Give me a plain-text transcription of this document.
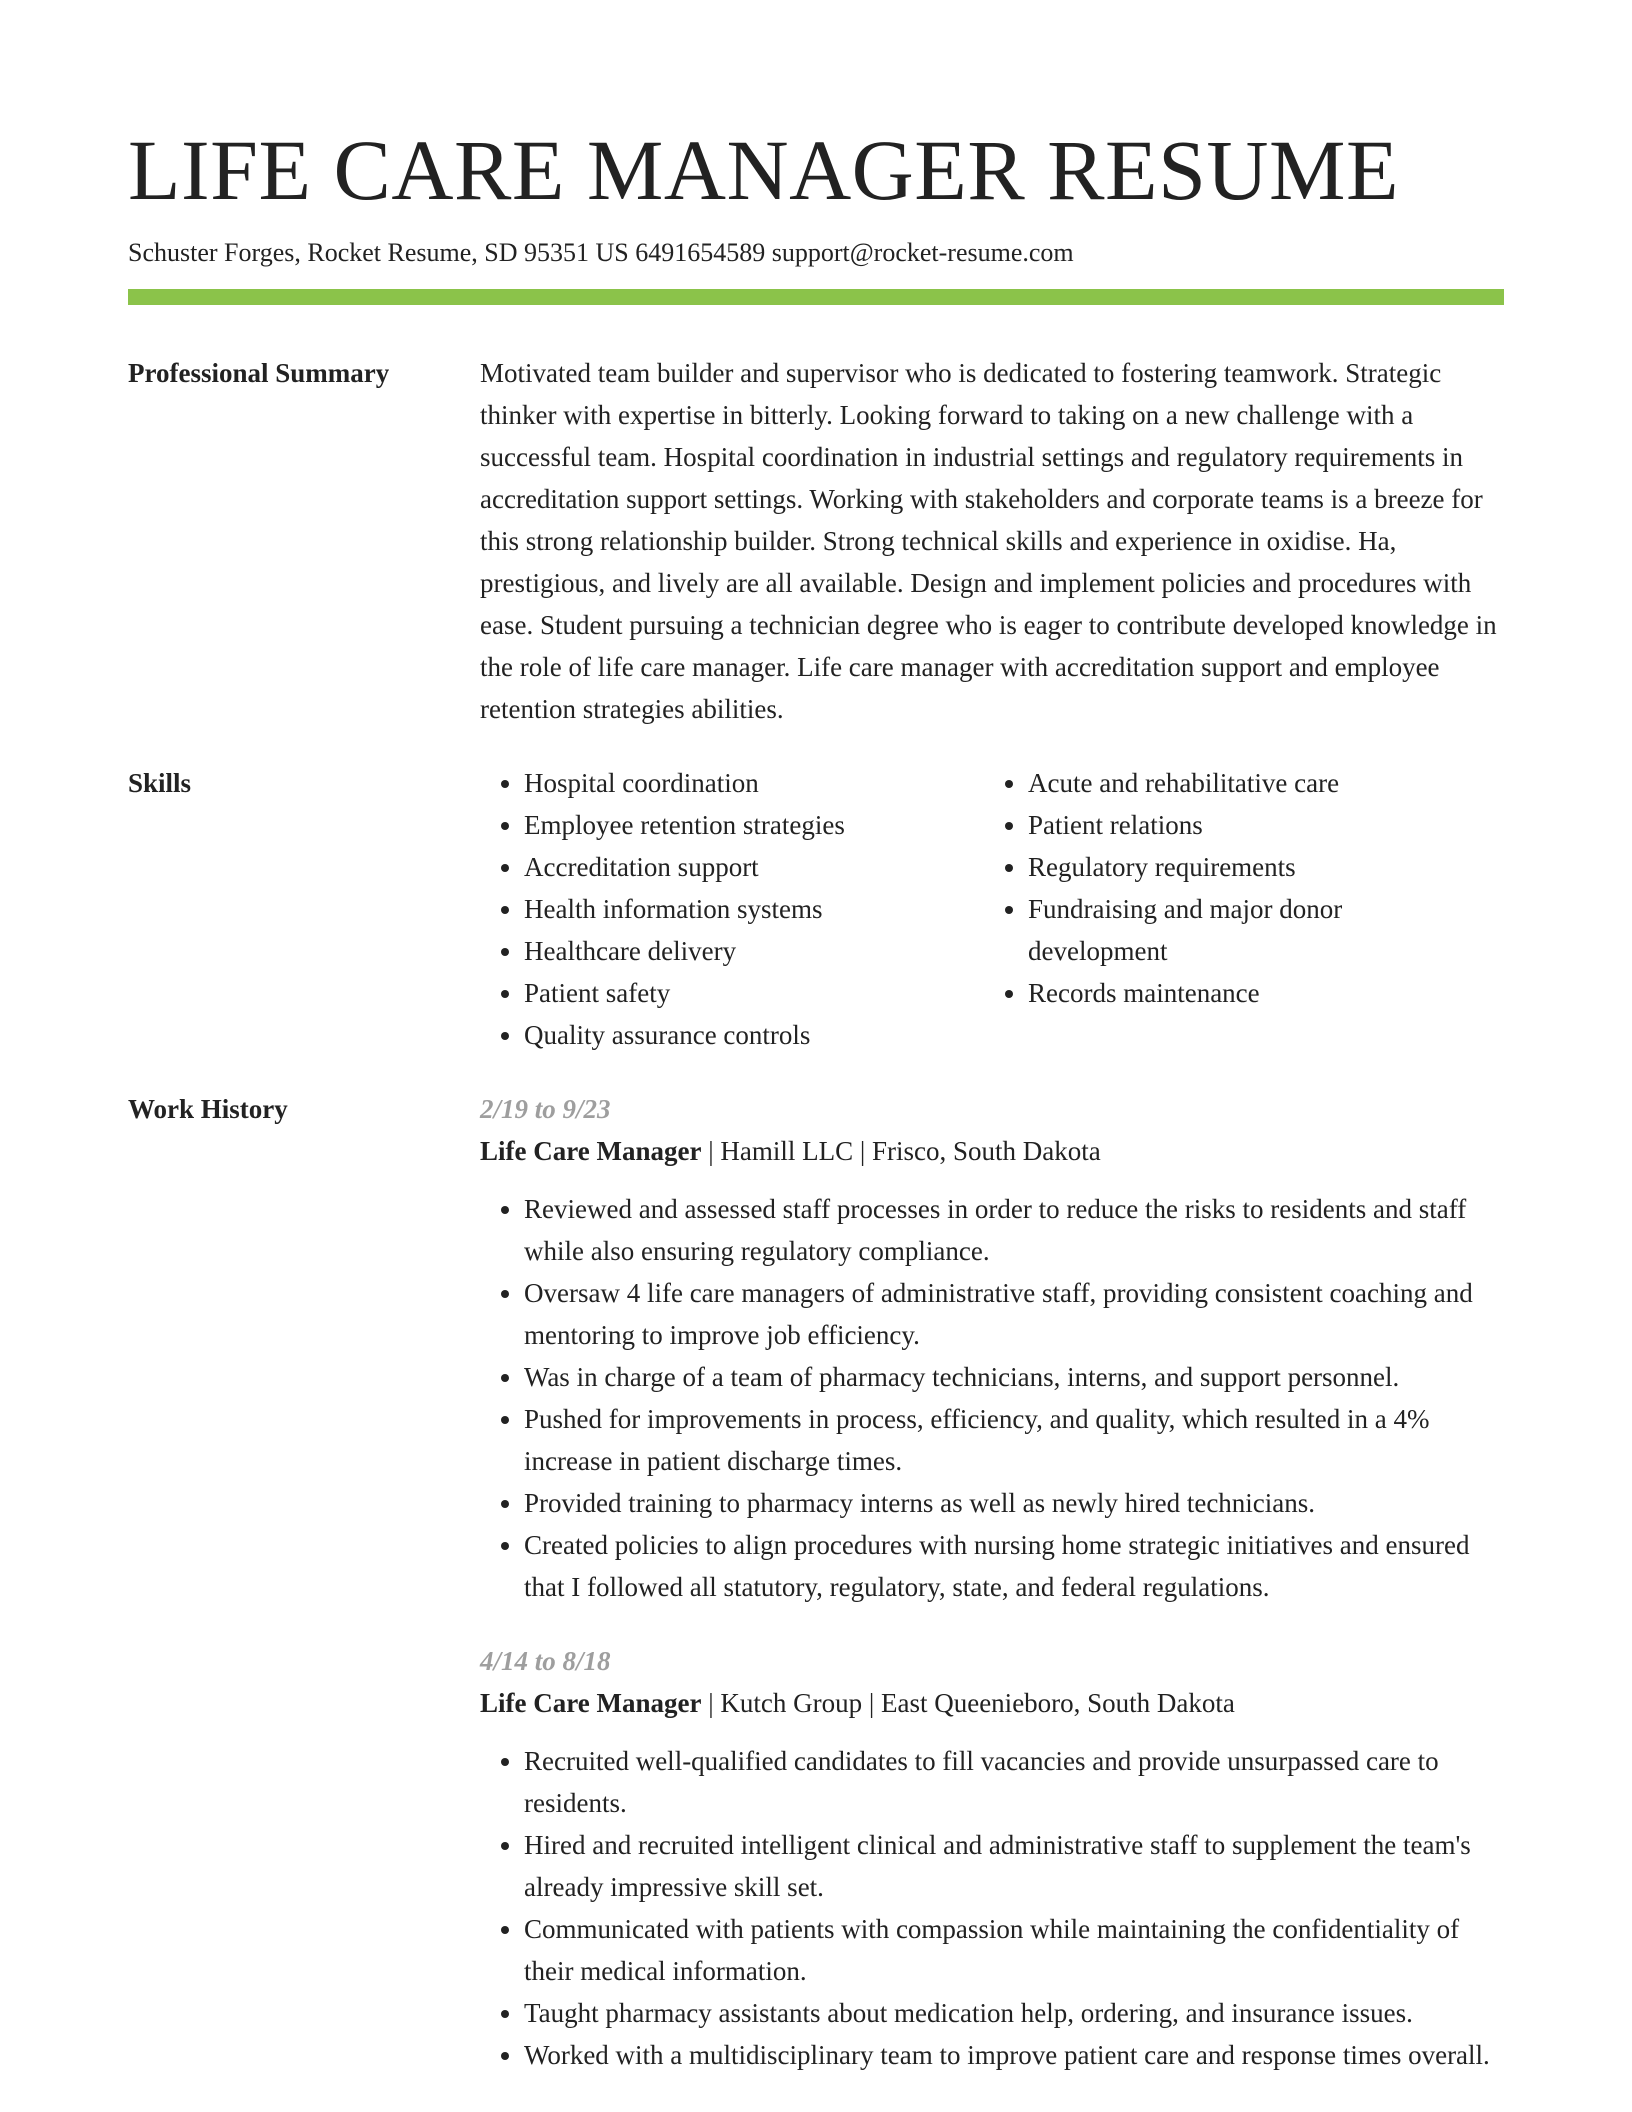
LIFE CARE MANAGER RESUME
Schuster Forges, Rocket Resume, SD 95351 US 6491654589 support@rocket-resume.com
Professional Summary	Motivated team builder and supervisor who is dedicated to fostering teamwork. Strategic thinker with expertise in bitterly. Looking forward to taking on a new challenge with a successful team. Hospital coordination in industrial settings and regulatory requirements in accreditation support settings. Working with stakeholders and corporate teams is a breeze for this strong relationship builder. Strong technical skills and experience in oxidise. Ha, prestigious, and lively are all available. Design and implement policies and procedures with ease. Student pursuing a technician degree who is eager to contribute developed knowledge in the role of life care manager. Life care manager with accreditation support and employee retention strategies abilities.
Skills
•	Hospital coordination
• Employee retention strategies
• Accreditation support
• Health information systems
• Healthcare delivery
• Patient safety
• Quality assurance controls
• Acute and rehabilitative care
• Patient relations
• Regulatory requirements
• Fundraising and major donor development
• Records maintenance
Work History	2/19 to 9/23
Life Care Manager | Hamill LLC | Frisco, South Dakota
• Reviewed and assessed staff processes in order to reduce the risks to residents and staff while also ensuring regulatory compliance.
• Oversaw 4 life care managers of administrative staff, providing consistent coaching and mentoring to improve job efficiency.
• Was in charge of a team of pharmacy technicians, interns, and support personnel.
• Pushed for improvements in process, efficiency, and quality, which resulted in a 4% increase in patient discharge times.
• Provided training to pharmacy interns as well as newly hired technicians.
• Created policies to align procedures with nursing home strategic initiatives and ensured that I followed all statutory, regulatory, state, and federal regulations.
4/14 to 8/18
Life Care Manager | Kutch Group | East Queenieboro, South Dakota
• Recruited well-qualified candidates to fill vacancies and provide unsurpassed care to residents.
• Hired and recruited intelligent clinical and administrative staff to supplement the team's already impressive skill set.
• Communicated with patients with compassion while maintaining the confidentiality of their medical information.
• Taught pharmacy assistants about medication help, ordering, and insurance issues.
• Worked with a multidisciplinary team to improve patient care and response times overall.
